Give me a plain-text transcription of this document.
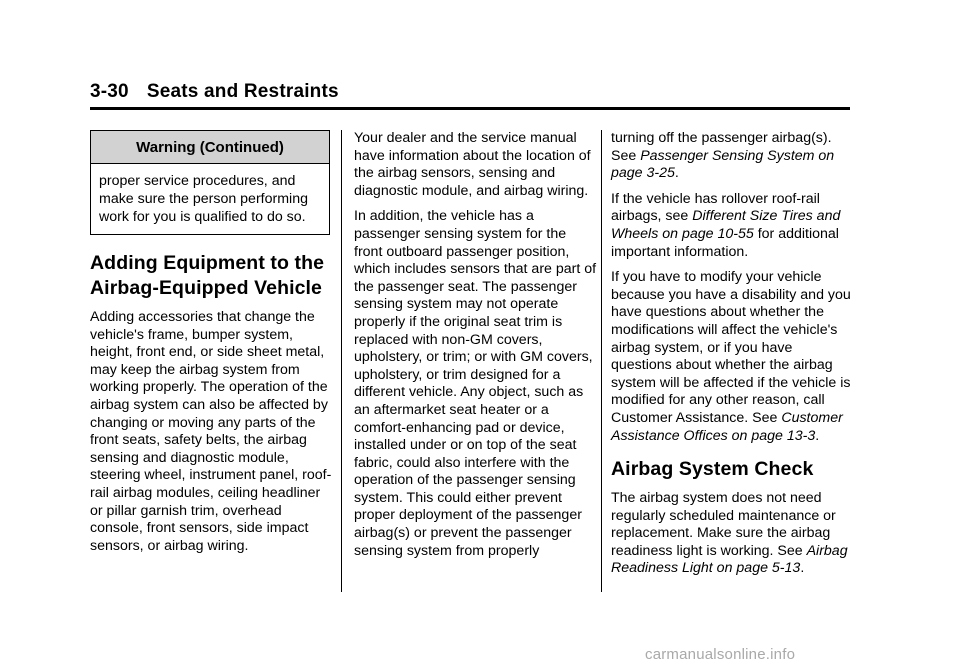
3-30 Seats and Restraints
Warning (Continued)
proper service procedures, and make sure the person performing work for you is qualified to do so.
Adding Equipment to the Airbag‑Equipped Vehicle

Adding accessories that change the vehicle's frame, bumper system, height, front end, or side sheet metal, may keep the airbag system from working properly. The operation of the airbag system can also be affected by changing or moving any parts of the front seats, safety belts, the airbag sensing and diagnostic module, steering wheel, instrument panel, roof-rail airbag modules, ceiling headliner or pillar garnish trim, overhead console, front sensors, side impact sensors, or airbag wiring.

Your dealer and the service manual have information about the location of the airbag sensors, sensing and diagnostic module, and airbag wiring.

In addition, the vehicle has a passenger sensing system for the front outboard passenger position, which includes sensors that are part of the passenger seat. The passenger sensing system may not operate properly if the original seat trim is replaced with non-GM covers, upholstery, or trim; or with GM covers, upholstery, or trim designed for a different vehicle. Any object, such as an aftermarket seat heater or a comfort-enhancing pad or device, installed under or on top of the seat fabric, could also interfere with the operation of the passenger sensing system. This could either prevent proper deployment of the passenger airbag(s) or prevent the passenger sensing system from properly

turning off the passenger airbag(s). See Passenger Sensing System on page 3‑25.

If the vehicle has rollover roof-rail airbags, see Different Size Tires and Wheels on page 10‑55 for additional important information.

If you have to modify your vehicle because you have a disability and you have questions about whether the modifications will affect the vehicle's airbag system, or if you have questions about whether the airbag system will be affected if the vehicle is modified for any other reason, call Customer Assistance. See Customer Assistance Offices on page 13‑3.

Airbag System Check

The airbag system does not need regularly scheduled maintenance or replacement. Make sure the airbag readiness light is working. See Airbag Readiness Light on page 5‑13.

carmanualsonline.info
